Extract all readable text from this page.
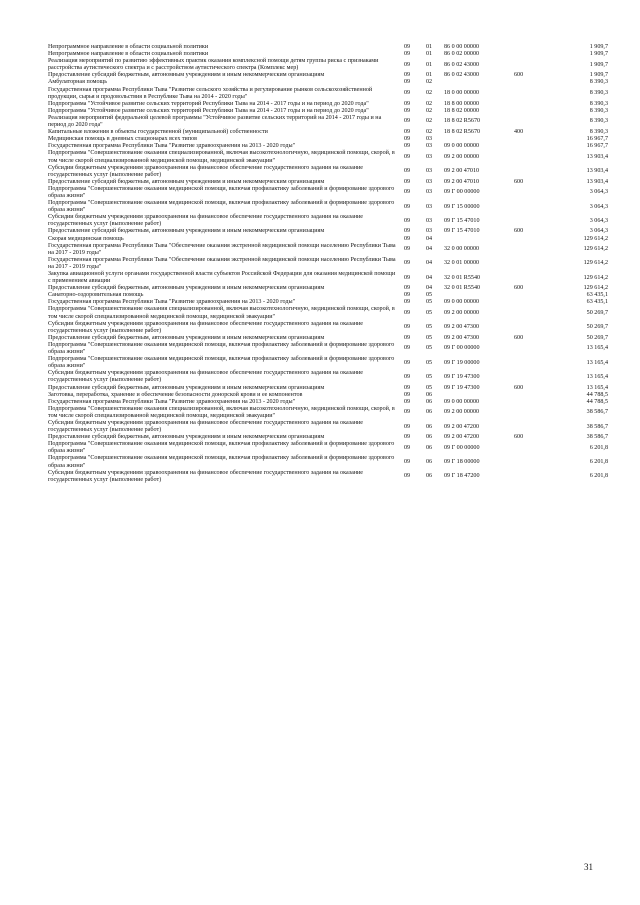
Непрограммное направление в области социальной политики	09	01	86 0 00 00000		1 909,7
Непрограммное направление в области социальной политики	09	01	86 0 02 00000		1 909,7
Реализация мероприятий по развитию эффективных практик оказания комплексной помощи детям группы риска с признаками расстройства аутистического спектра и с расстройством аутистического спектра (Комплекс мер)	09	01	86 0 02 43000		1 909,7
Предоставление субсидий бюджетным, автономным учреждениям и иным некоммерческим организациям	09	01	86 0 02 43000	600	1 909,7
Амбулаторная помощь	09	02			8 390,3
Государственная программа Республики Тыва "Развитие сельского хозяйства и регулирование рынков сельскохозяйственной продукции, сырья и продовольствия в Республике Тыва на 2014 - 2020 годы"	09	02	18 0 00 00000		8 390,3
Подпрограмма "Устойчивое развитие сельских территорий Республики Тыва на 2014 - 2017 годы и на период до 2020 года"	09	02	18 8 00 00000		8 390,3
Подпрограмма "Устойчивое развитие сельских территорий Республики Тыва на 2014 - 2017 годы и на период до 2020 года"	09	02	18 8 02 00000		8 390,3
Реализация мероприятий федеральной целевой программы "Устойчивое развитие сельских территорий на 2014 - 2017 годы и на период до 2020 года"	09	02	18 8 02 R5670		8 390,3
Капитальные вложения в объекты государственной (муниципальной) собственности	09	02	18 8 02 R5670	400	8 390,3
Медицинская помощь в дневных стационарах всех типов	09	03			16 967,7
Государственная программа Республики Тыва "Развитие здравоохранения на 2013 - 2020 годы"	09	03	09 0 00 00000		16 967,7
Подпрограмма "Совершенствование оказания специализированной, включая высокотехнологичную, медицинской помощи, скорой, в том числе скорой специализированной медицинской помощи, медицинской эвакуации"	09	03	09 2 00 00000		13 903,4
Субсидии бюджетным учреждениям здравоохранения на финансовое обеспечение государственного задания на оказание государственных услуг (выполнение работ)	09	03	09 2 00 47010		13 903,4
Предоставление субсидий бюджетным, автономным учреждениям и иным некоммерческим организациям	09	03	09 2 00 47010	600	13 903,4
Подпрограмма "Совершенствование оказания медицинской помощи, включая профилактику заболеваний и формирование здорового образа жизни"	09	03	09 Г 00 00000		3 064,3
Подпрограмма "Совершенствование оказания медицинской помощи, включая профилактику заболеваний и формирование здорового образа жизни"	09	03	09 Г 15 00000		3 064,3
Субсидии бюджетным учреждениям здравоохранения на финансовое обеспечение государственного задания на оказание государственных услуг (выполнение работ)	09	03	09 Г 15 47010		3 064,3
Предоставление субсидий бюджетным, автономным учреждениям и иным некоммерческим организациям	09	03	09 Г 15 47010	600	3 064,3
Скорая медицинская помощь	09	04			129 614,2
Государственная программа Республики Тыва "Обеспечение оказания экстренной медицинской помощи населению Республики Тыва на 2017 - 2019 годы"	09	04	32 0 00 00000		129 614,2
Государственная программа Республики Тыва "Обеспечение оказания экстренной медицинской помощи населению Республики Тыва на 2017 - 2019 годы"	09	04	32 0 01 00000		129 614,2
Закупка авиационной услуги органами государственной власти субъектов Российской Федерации для оказания медицинской помощи с применением авиации	09	04	32 0 01 R5540		129 614,2
Предоставление субсидий бюджетным, автономным учреждениям и иным некоммерческим организациям	09	04	32 0 01 R5540	600	129 614,2
Санаторно-оздоровительная помощь	09	05			63 435,1
Государственная программа Республики Тыва "Развитие здравоохранения на 2013 - 2020 годы"	09	05	09 0 00 00000		63 435,1
Подпрограмма "Совершенствование оказания специализированной, включая высокотехнологичную, медицинской помощи, скорой, в том числе скорой специализированной медицинской помощи, медицинской эвакуации"	09	05	09 2 00 00000		50 269,7
Субсидии бюджетным учреждениям здравоохранения на финансовое обеспечение государственного задания на оказание государственных услуг (выполнение работ)	09	05	09 2 00 47300		50 269,7
Предоставление субсидий бюджетным, автономным учреждениям и иным некоммерческим организациям	09	05	09 2 00 47300	600	50 269,7
Подпрограмма "Совершенствование оказания медицинской помощи, включая профилактику заболеваний и формирование здорового образа жизни"	09	05	09 Г 00 00000		13 165,4
Подпрограмма "Совершенствование оказания медицинской помощи, включая профилактику заболеваний и формирование здорового образа жизни"	09	05	09 Г 19 00000		13 165,4
Субсидии бюджетным учреждениям здравоохранения на финансовое обеспечение государственного задания на оказание государственных услуг (выполнение работ)	09	05	09 Г 19 47300		13 165,4
Предоставление субсидий бюджетным, автономным учреждениям и иным некоммерческим организациям	09	05	09 Г 19 47300	600	13 165,4
Заготовка, переработка, хранение и обеспечение безопасности донорской крови и ее компонентов	09	06			44 788,5
Государственная программа Республики Тыва "Развитие здравоохранения на 2013 - 2020 годы"	09	06	09 0 00 00000		44 788,5
Подпрограмма "Совершенствование оказания специализированной, включая высокотехнологичную, медицинской помощи, скорой, в том числе скорой специализированной медицинской помощи, медицинской эвакуации"	09	06	09 2 00 00000		38 586,7
Субсидии бюджетным учреждениям здравоохранения на финансовое обеспечение государственного задания на оказание государственных услуг (выполнение работ)	09	06	09 2 00 47200		38 586,7
Предоставление субсидий бюджетным, автономным учреждениям и иным некоммерческим организациям	09	06	09 2 00 47200	600	38 586,7
Подпрограмма "Совершенствование оказания медицинской помощи, включая профилактику заболеваний и формирование здорового образа жизни"	09	06	09 Г 00 00000		6 201,8
Подпрограмма "Совершенствование оказания медицинской помощи, включая профилактику заболеваний и формирование здорового образа жизни"	09	06	09 Г 18 00000		6 201,8
Субсидии бюджетным учреждениям здравоохранения на финансовое обеспечение государственного задания на оказание государственных услуг (выполнение работ)	09	06	09 Г 18 47200		6 201,8
31
